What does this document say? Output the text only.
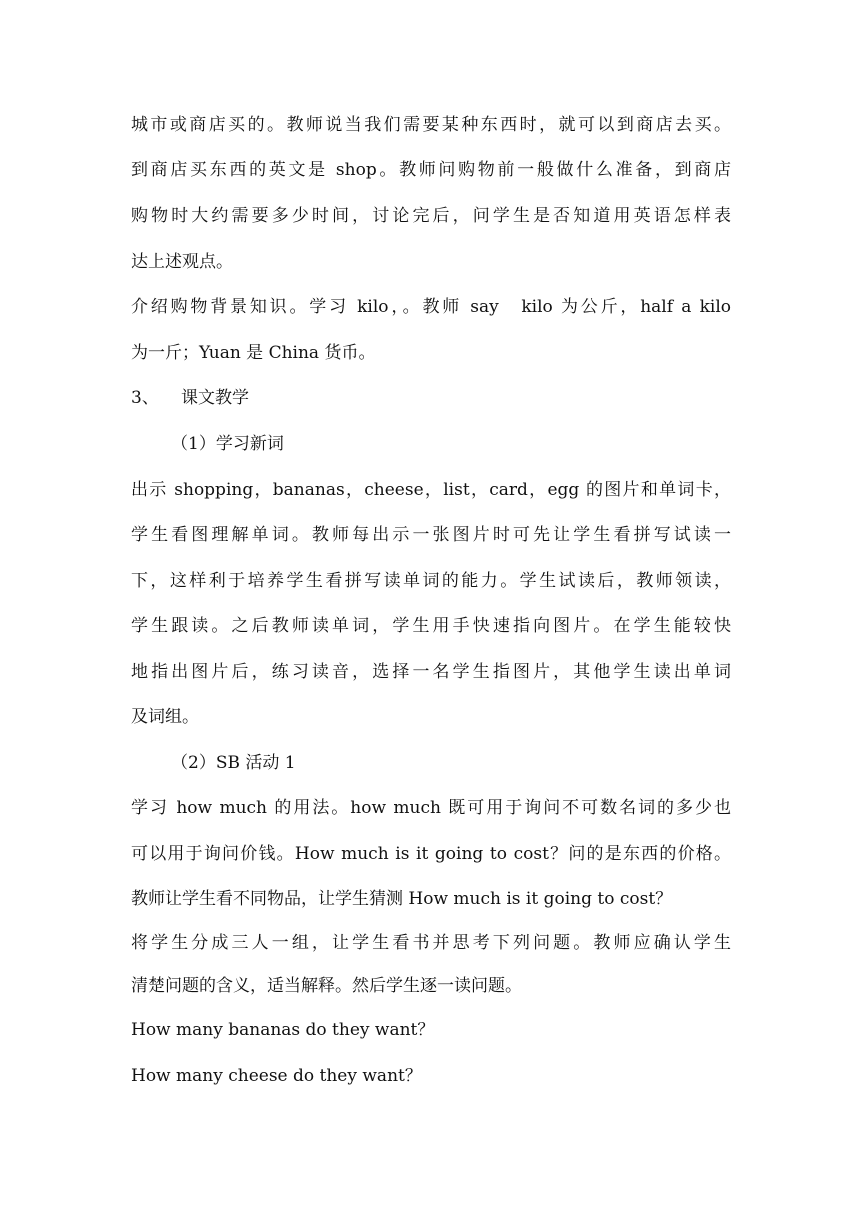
城市或商店买的。教师说当我们需要某种东西时，就可以到商店去买。
到商店买东西的英文是 shop。教师问购物前一般做什么准备，到商店
购物时大约需要多少时间，讨论完后，问学生是否知道用英语怎样表
达上述观点。
介绍购物背景知识。学习 kilo，。教师 say　kilo 为公斤，half a kilo
为一斤；Yuan 是 China 货币。
3、 课文教学
（1）学习新词
出示 shopping，bananas，cheese，list，card，egg 的图片和单词卡，
学生看图理解单词。教师每出示一张图片时可先让学生看拼写试读一
下，这样利于培养学生看拼写读单词的能力。学生试读后，教师领读，
学生跟读。之后教师读单词，学生用手快速指向图片。在学生能较快
地指出图片后，练习读音，选择一名学生指图片，其他学生读出单词
及词组。
（2）SB 活动 1
学习 how much 的用法。how much 既可用于询问不可数名词的多少也
可以用于询问价钱。How much is it going to cost？问的是东西的价格。
教师让学生看不同物品，让学生猜测 How much is it going to cost？
将学生分成三人一组，让学生看书并思考下列问题。教师应确认学生
清楚问题的含义，适当解释。然后学生逐一读问题。
How many bananas do they want？
How many cheese do they want？
